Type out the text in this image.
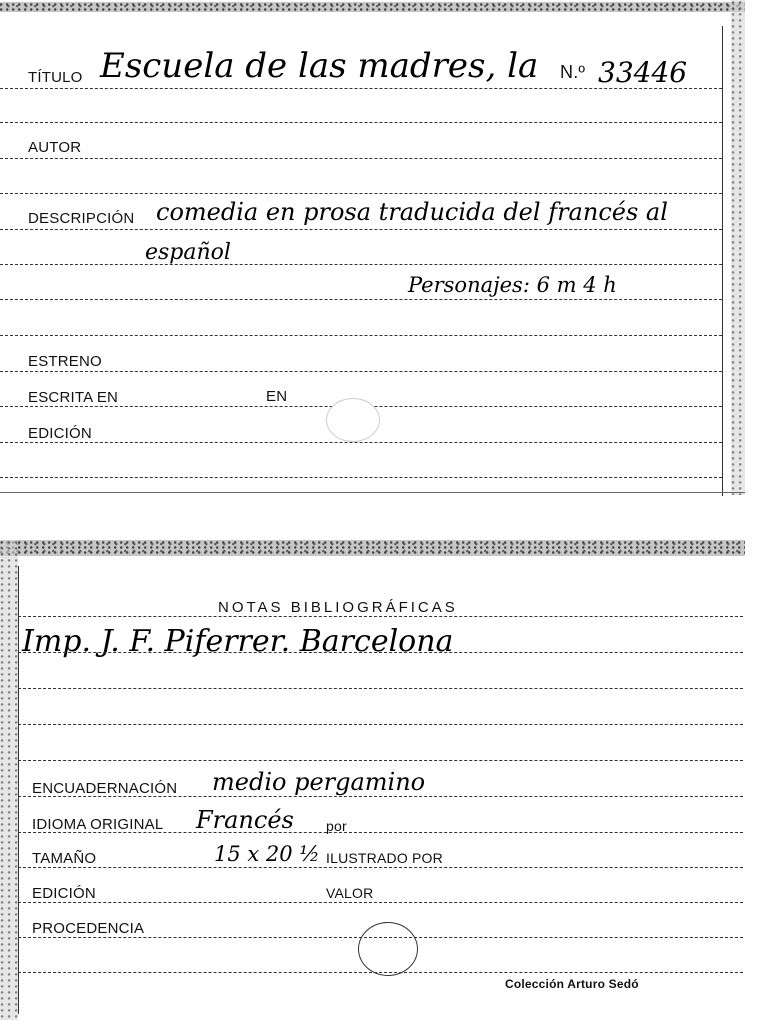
TÍTULO Escuela de las madres, la N.º 33446
AUTOR
DESCRIPCIÓN comedia en prosa traducida del francés al
español
Personajes: 6 m 4 h
ESTRENO
ESCRITA EN	EN
EDICIÓN
NOTAS BIBLIOGRÁFICAS
Imp. J. F. Piferrer. Barcelona
ENCUADERNACIÓN medio pergamino
IDIOMA ORIGINAL Francés por
TAMAÑO	15 x 20 ½ ILUSTRADO POR
EDICIÓN	VALOR
PROCEDENCIA
Colección Arturo Sedó
